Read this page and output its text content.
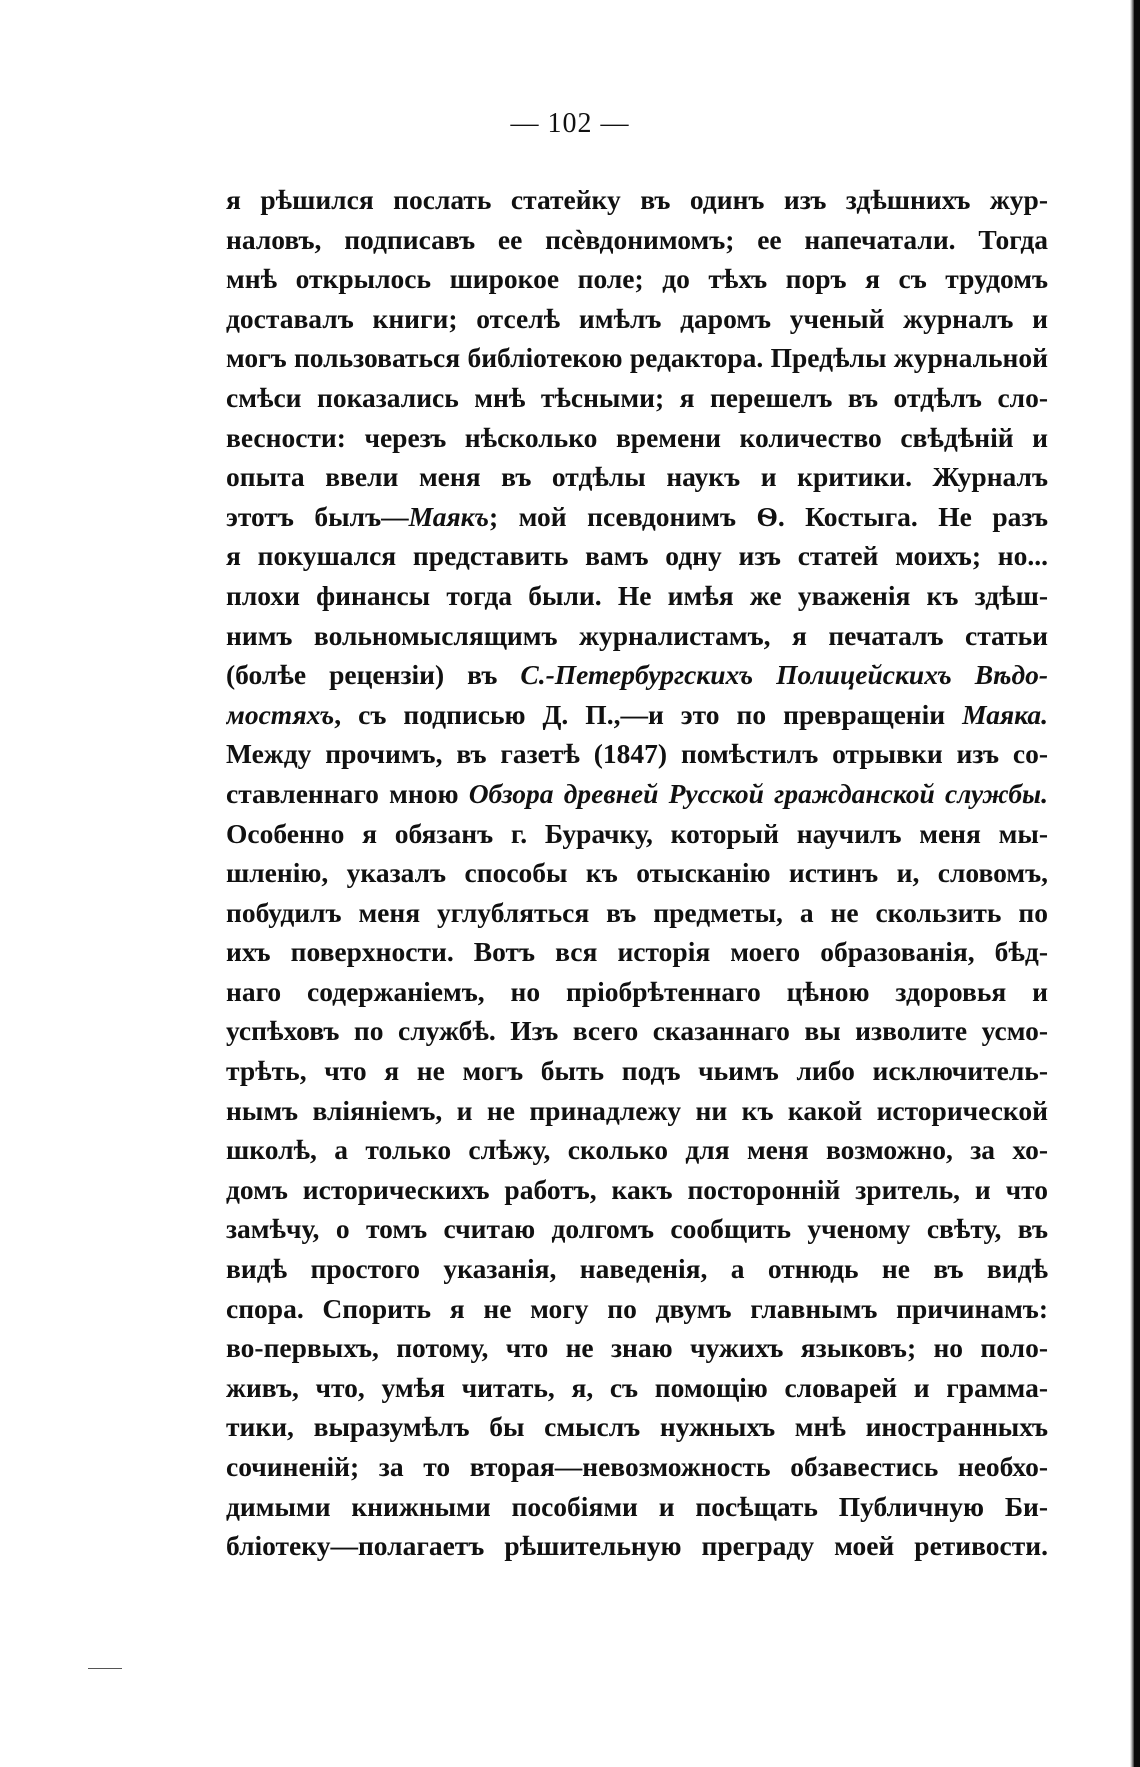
— 102 —
я рѣшился послать статейку въ одинъ изъ здѣшнихъ жур-
наловъ, подписавъ ее псѐвдонимомъ; ее напечатали. Тогда
мнѣ открылось широкое поле; до тѣхъ поръ я съ трудомъ
доставалъ книги; отселѣ имѣлъ даромъ ученый журналъ и
могъ пользоваться библіотекою редактора. Предѣлы журнальной
смѣси показались мнѣ тѣсными; я перешелъ въ отдѣлъ сло-
весности: черезъ нѣсколько времени количество свѣдѣній и
опыта ввели меня въ отдѣлы наукъ и критики. Журналъ
этотъ былъ—Маякъ; мой псевдонимъ Ѳ. Костыга. Не разъ
я покушался представить вамъ одну изъ статей моихъ; но...
плохи финансы тогда были. Не имѣя же уваженія къ здѣш-
нимъ вольномыслящимъ журналистамъ, я печаталъ статьи
(болѣе рецензіи) въ С.-Петербургскихъ Полицейскихъ Вѣдо-
мостяхъ, съ подписью Д. П.,—и это по превращеніи Маяка.
Между прочимъ, въ газетѣ (1847) помѣстилъ отрывки изъ со-
ставленнаго мною Обзора древней Русской гражданской службы.
Особенно я обязанъ г. Бурачку, который научилъ меня мы-
шленію, указалъ способы къ отысканію истинъ и, словомъ,
побудилъ меня углубляться въ предметы, а не скользить по
ихъ поверхности. Вотъ вся исторія моего образованія, бѣд-
наго содержаніемъ, но пріобрѣтеннаго цѣною здоровья и
успѣховъ по службѣ. Изъ всего сказаннаго вы изволите усмо-
трѣть, что я не могъ быть подъ чьимъ либо исключитель-
нымъ вліяніемъ, и не принадлежу ни къ какой исторической
школѣ, а только слѣжу, сколько для меня возможно, за хо-
домъ историческихъ работъ, какъ посторонній зритель, и что
замѣчу, о томъ считаю долгомъ сообщить ученому свѣту, въ
видѣ простого указанія, наведенія, а отнюдь не въ видѣ
спора. Спорить я не могу по двумъ главнымъ причинамъ:
во-первыхъ, потому, что не знаю чужихъ языковъ; но поло-
живъ, что, умѣя читать, я, съ помощію словарей и грамма-
тики, выразумѣлъ бы смыслъ нужныхъ мнѣ иностранныхъ
сочиненій; за то вторая—невозможность обзавестись необхо-
димыми книжными пособіями и посѣщать Публичную Би-
бліотеку—полагаетъ рѣшительную преграду моей ретивости.
